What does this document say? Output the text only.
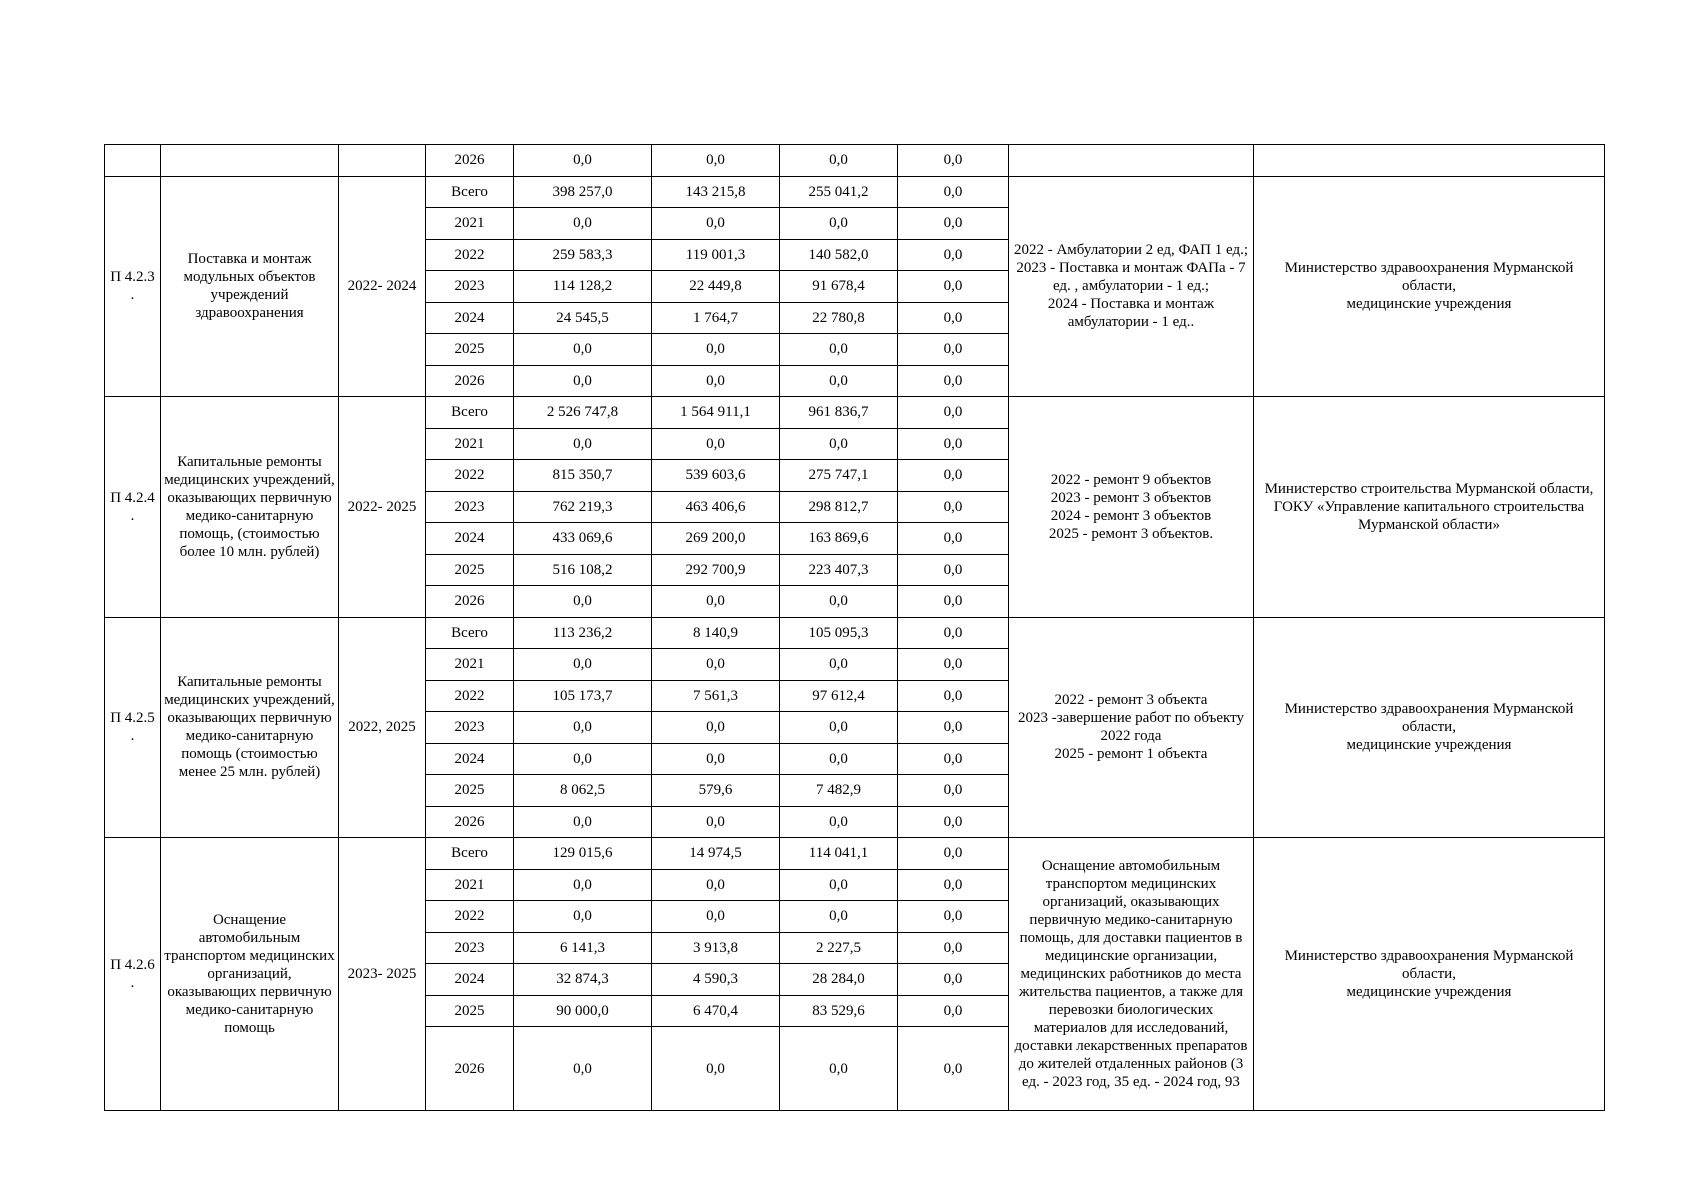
			2026	0,0	0,0	0,0	0,0		
П 4.2.3 .	Поставка и монтаж модульных объектов учреждений здравоохранения	2022- 2024	Всего	398 257,0	143 215,8	255 041,2	0,0	2022 - Амбулатории 2 ед, ФАП 1 ед.;
2023 - Поставка и монтаж ФАПа - 7 ед. , амбулатории - 1 ед.;
2024 - Поставка и монтаж амбулатории - 1 ед..	Министерство здравоохранения Мурманской области,
медицинские учреждения
			2021	0,0	0,0	0,0	0,0		
			2022	259 583,3	119 001,3	140 582,0	0,0		
			2023	114 128,2	22 449,8	91 678,4	0,0		
			2024	24 545,5	1 764,7	22 780,8	0,0		
			2025	0,0	0,0	0,0	0,0		
			2026	0,0	0,0	0,0	0,0		
П 4.2.4 .	Капитальные ремонты медицинских учреждений, оказывающих первичную медико-санитарную помощь, (стоимостью более 10 млн. рублей)	2022- 2025	Всего	2 526 747,8	1 564 911,1	961 836,7	0,0	2022 - ремонт 9 объектов
2023 - ремонт 3 объектов
2024 - ремонт 3 объектов
2025 - ремонт 3 объектов.	Министерство строительства Мурманской области,
ГОКУ «Управление капитального строительства Мурманской области»
			2021	0,0	0,0	0,0	0,0		
			2022	815 350,7	539 603,6	275 747,1	0,0		
			2023	762 219,3	463 406,6	298 812,7	0,0		
			2024	433 069,6	269 200,0	163 869,6	0,0		
			2025	516 108,2	292 700,9	223 407,3	0,0		
			2026	0,0	0,0	0,0	0,0		
П 4.2.5 .	Капитальные ремонты медицинских учреждений, оказывающих первичную медико-санитарную помощь (стоимостью менее 25 млн. рублей)	2022, 2025	Всего	113 236,2	8 140,9	105 095,3	0,0	2022 - ремонт 3 объекта
2023 -завершение работ по объекту 2022 года
2025 - ремонт 1 объекта	Министерство здравоохранения Мурманской области,
медицинские учреждения
			2021	0,0	0,0	0,0	0,0		
			2022	105 173,7	7 561,3	97 612,4	0,0		
			2023	0,0	0,0	0,0	0,0		
			2024	0,0	0,0	0,0	0,0		
			2025	8 062,5	579,6	7 482,9	0,0		
			2026	0,0	0,0	0,0	0,0		
П 4.2.6 .	Оснащение автомобильным транспортом медицинских организаций, оказывающих первичную медико-санитарную помощь	2023- 2025	Всего	129 015,6	14 974,5	114 041,1	0,0	Оснащение автомобильным транспортом медицинских организаций, оказывающих первичную медико-санитарную помощь, для доставки пациентов в медицинские организации, медицинских работников до места жительства пациентов, а также для перевозки биологических материалов для исследований, доставки лекарственных препаратов до жителей отдаленных районов (3 ед. - 2023 год, 35 ед. - 2024 год, 93	Министерство здравоохранения Мурманской области,
медицинские учреждения
			2021	0,0	0,0	0,0	0,0		
			2022	0,0	0,0	0,0	0,0		
			2023	6 141,3	3 913,8	2 227,5	0,0		
			2024	32 874,3	4 590,3	28 284,0	0,0		
			2025	90 000,0	6 470,4	83 529,6	0,0		
			2026	0,0	0,0	0,0	0,0		
